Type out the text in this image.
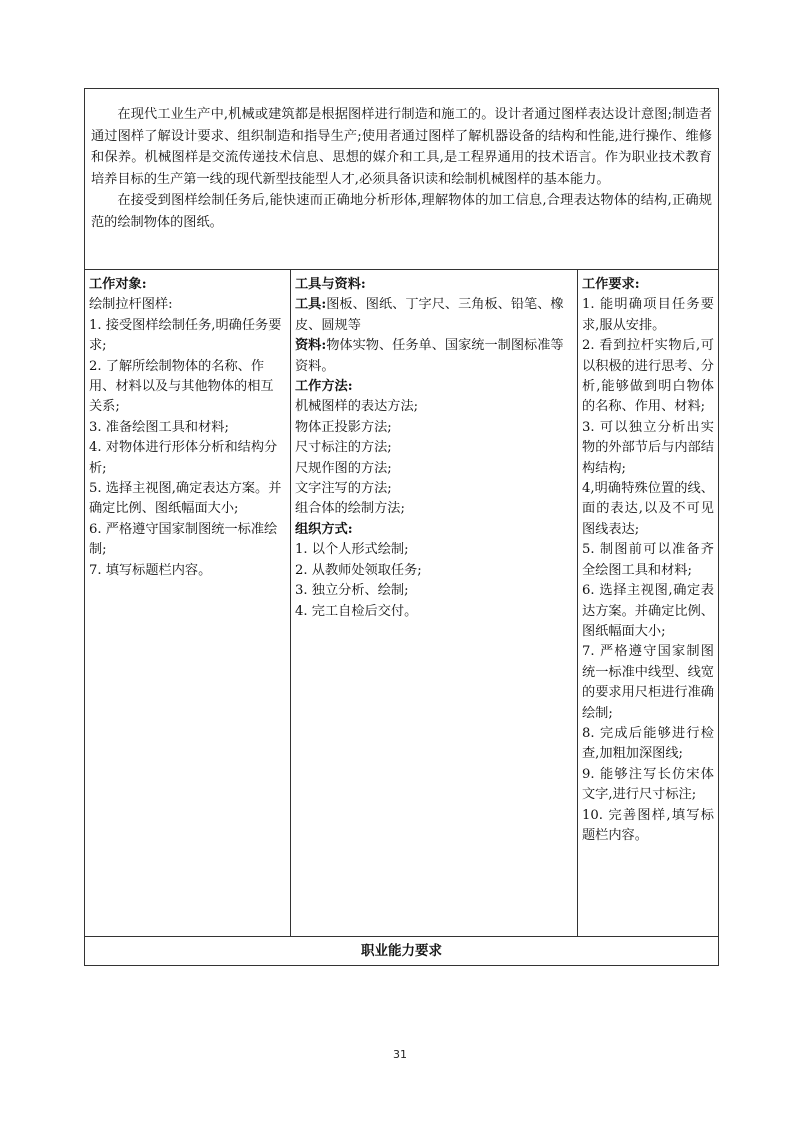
在现代工业生产中,机械或建筑都是根据图样进行制造和施工的。设计者通过图样表达设计意图;制造者通过图样了解设计要求、组织制造和指导生产;使用者通过图样了解机器设备的结构和性能,进行操作、维修和保养。机械图样是交流传递技术信息、思想的媒介和工具,是工程界通用的技术语言。作为职业技术教育培养目标的生产第一线的现代新型技能型人才,必须具备识读和绘制机械图样的基本能力。

在接受到图样绘制任务后,能快速而正确地分析形体,理解物体的加工信息,合理表达物体的结构,正确规范的绘制物体的图纸。

工作对象:
绘制拉杆图样:
1. 接受图样绘制任务,明确任务要求;
2. 了解所绘制物体的名称、作用、材料以及与其他物体的相互关系;
3. 准备绘图工具和材料;
4. 对物体进行形体分析和结构分析;
5. 选择主视图,确定表达方案。并确定比例、图纸幅面大小;
6. 严格遵守国家制图统一标准绘制;
7. 填写标题栏内容。
工具与资料:
工具:图板、图纸、丁字尺、三角板、铅笔、橡皮、圆规等
资料:物体实物、任务单、国家统一制图标准等资料。
工作方法:
机械图样的表达方法;
物体正投影方法;
尺寸标注的方法;
尺规作图的方法;
文字注写的方法;
组合体的绘制方法;
组织方式:
1. 以个人形式绘制;
2. 从教师处领取任务;
3. 独立分析、绘制;
4. 完工自检后交付。
工作要求:
1. 能明确项目任务要求,服从安排。
2. 看到拉杆实物后,可以积极的进行思考、分析,能够做到明白物体的名称、作用、材料;
3. 可以独立分析出实物的外部节后与内部结构结构;
4,明确特殊位置的线、面的表达,以及不可见图线表达;
5. 制图前可以准备齐全绘图工具和材料;
6. 选择主视图,确定表达方案。并确定比例、图纸幅面大小;
7. 严格遵守国家制图统一标准中线型、线宽的要求用尺柜进行准确绘制;
8. 完成后能够进行检查,加粗加深图线;
9. 能够注写长仿宋体文字,进行尺寸标注;
10. 完善图样,填写标题栏内容。
职业能力要求
31
